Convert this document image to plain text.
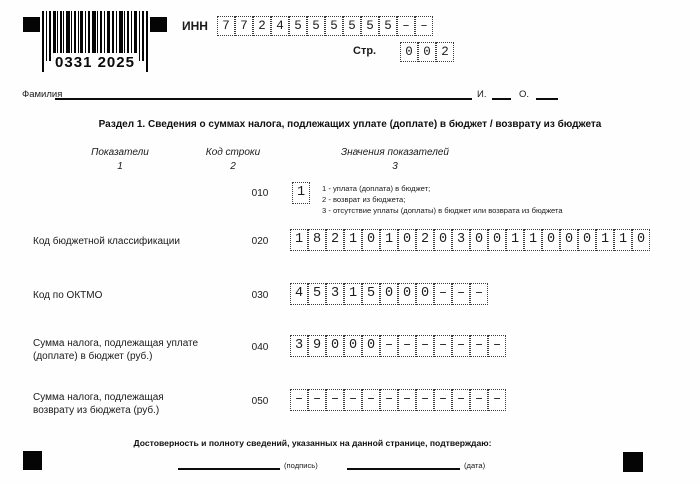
0331 2025
ИНН	7 7 2 4 5 5 5 5 5 5 – –
Стр.	0 0 2
Фамилия	И.	О.
Раздел 1. Сведения о суммах налога, подлежащих уплате (доплате) в бюджет / возврату из бюджета
Показатели
1
Код строки
2
Значения показателей
3
010	1	1 - уплата (доплата) в бюджет;
2 - возврат из бюджета;
3 - отсутствие уплаты (доплаты) в бюджет или возврата из бюджета
Код бюджетной классификации	020	1 8 2 1 0 1 0 2 0 3 0 0 1 1 0 0 0 1 1 0
Код по ОКТМО	030	4 5 3 1 5 0 0 0 – – –
Сумма налога, подлежащая уплате
(доплате) в бюджет (руб.)
040	3 9 0 0 0 – – – – – – –
Сумма налога, подлежащая
возврату из бюджета (руб.)
050	– – – – – – – – – – – –
Достоверность и полноту сведений, указанных на данной странице, подтверждаю:
(подпись)	(дата)
